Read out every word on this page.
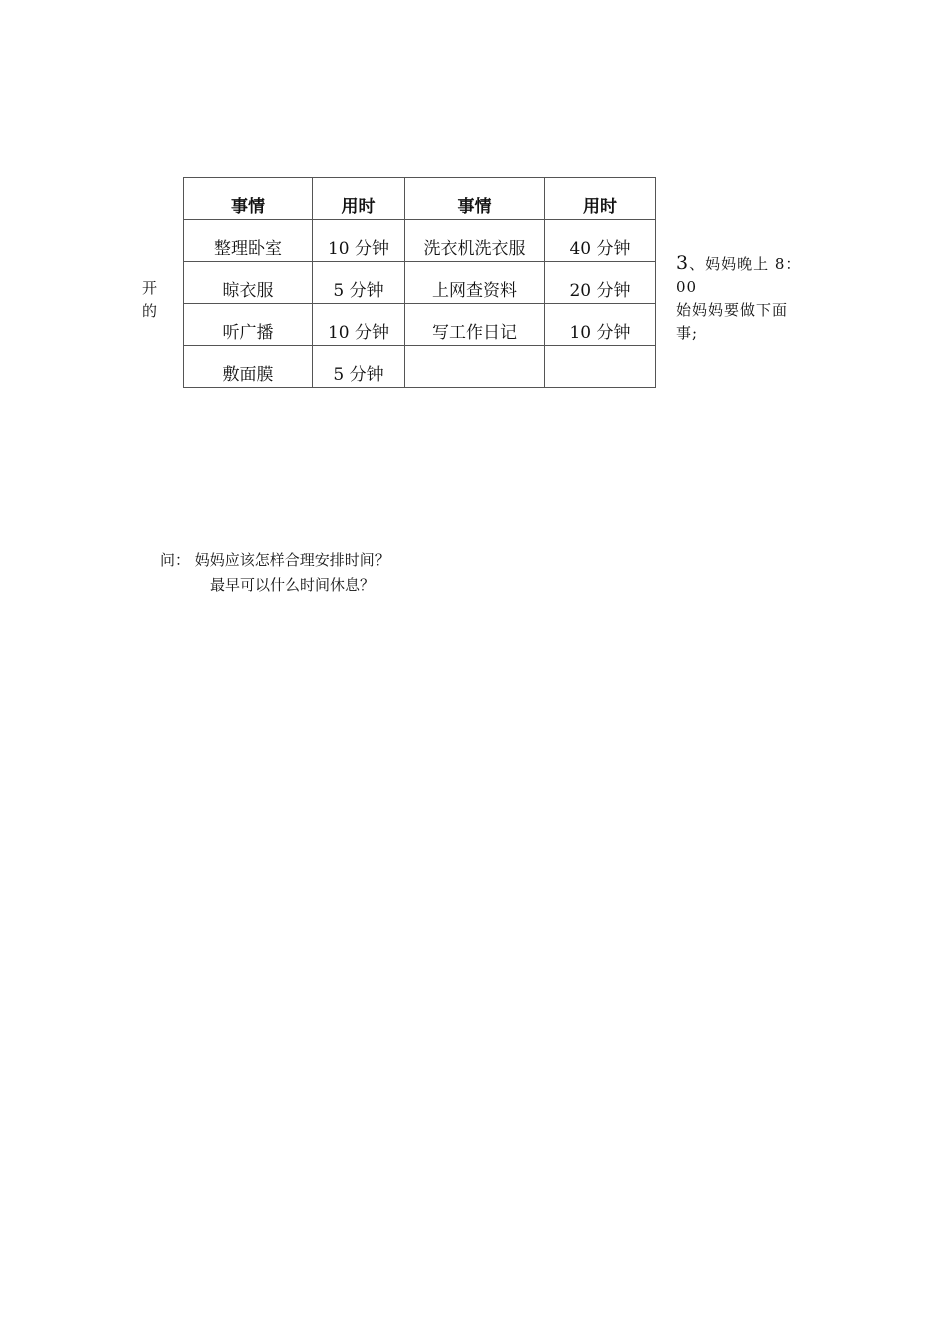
开
的
事情	用时	事情	用时
整理卧室	10 分钟	洗衣机洗衣服	40 分钟
晾衣服	5 分钟	上网查资料	20 分钟
听广播	10 分钟	写工作日记	10 分钟
敷面膜	5 分钟		
3、妈妈晚上 8：00
始妈妈要做下面
事;
问： 妈妈应该怎样合理安排时间？
最早可以什么时间休息？
